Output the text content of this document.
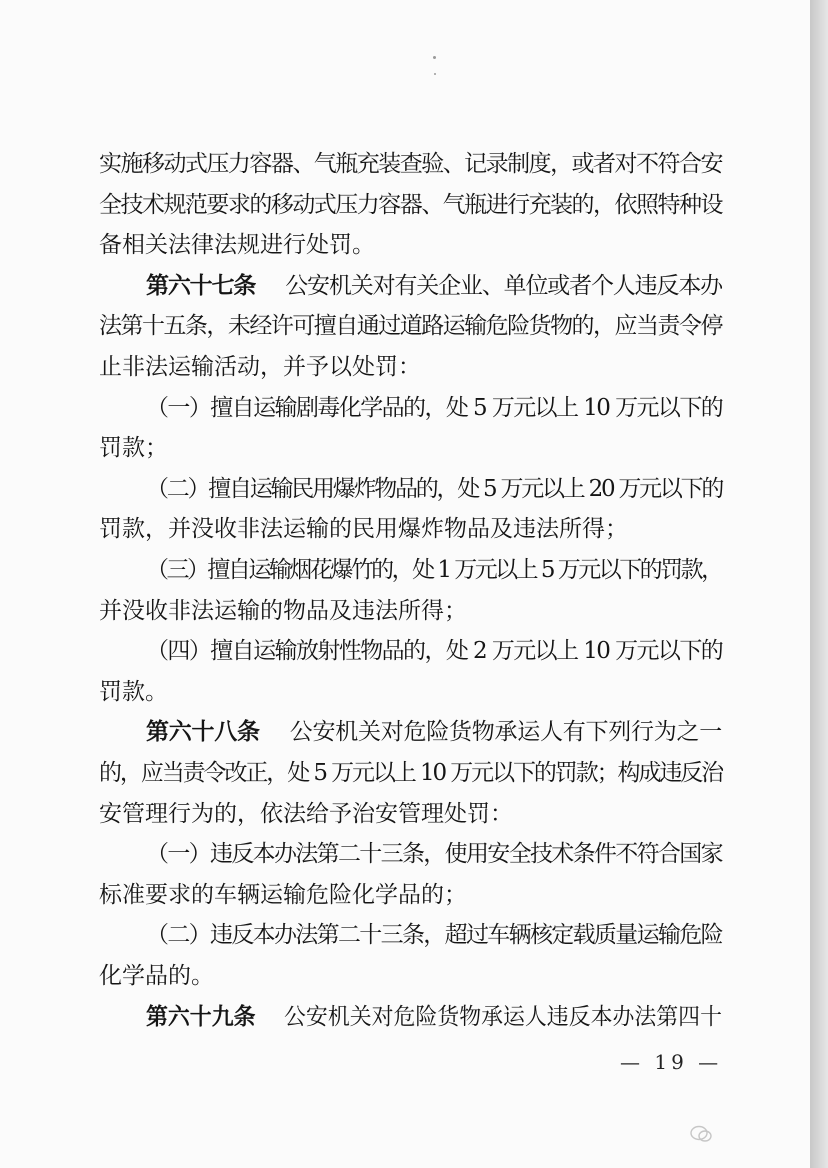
实施移动式压力容器、气瓶充装查验、记录制度，或者对不符合安
全技术规范要求的移动式压力容器、气瓶进行充装的，依照特种设
备相关法律法规进行处罚。
第六十七条 公安机关对有关企业、单位或者个人违反本办
法第十五条，未经许可擅自通过道路运输危险货物的，应当责令停
止非法运输活动，并予以处罚：
（一）擅自运输剧毒化学品的，处 5 万元以上 10 万元以下的
罚款；
（二）擅自运输民用爆炸物品的，处 5 万元以上 20 万元以下的
罚款，并没收非法运输的民用爆炸物品及违法所得；
（三）擅自运输烟花爆竹的，处 1 万元以上 5 万元以下的罚款，
并没收非法运输的物品及违法所得；
（四）擅自运输放射性物品的，处 2 万元以上 10 万元以下的
罚款。
第六十八条 公安机关对危险货物承运人有下列行为之一
的，应当责令改正，处 5 万元以上 10 万元以下的罚款；构成违反治
安管理行为的，依法给予治安管理处罚：
（一）违反本办法第二十三条，使用安全技术条件不符合国家
标准要求的车辆运输危险化学品的；
（二）违反本办法第二十三条，超过车辆核定载质量运输危险
化学品的。
第六十九条 公安机关对危险货物承运人违反本办法第四十
— 19 —
